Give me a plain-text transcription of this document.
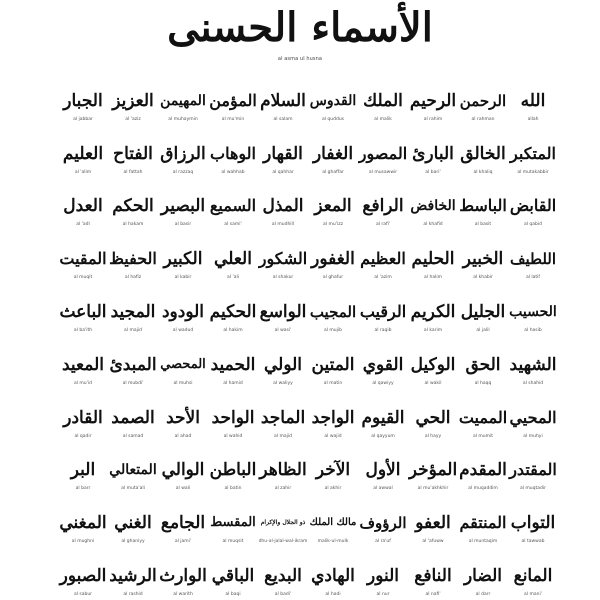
الأسماء الحسنى
al asma ul husna
الجبار
al jabbar
العزيز
al 'aziz
المهيمن
al muhaymin
المؤمن
al mu'min
السلام
al salam
القدوس
al quddus
الملك
al malik
الرحيم
al rahim
الرحمن
al rahman
الله
allah
العليم
al 'alim
الفتاح
al fattah
الرزاق
al razzaq
الوهاب
al wahhab
القهار
al qahhar
الغفار
al ghaffar
المصور
al musawwir
البارئ
al bari'
الخالق
al khaliq
المتكبر
al mutakabbir
العدل
al 'adl
الحكم
al hakam
البصير
al basir
السميع
al sami'
المذل
al mudhill
المعز
al mu'izz
الرافع
al rafi'
الخافض
al khafid
الباسط
al basit
القابض
al qabid
المقيت
al muqit
الحفيظ
al hafiz
الكبير
al kabir
العلي
al 'ali
الشكور
al shakur
الغفور
al ghafur
العظيم
al 'azim
الحليم
al halim
الخبير
al khabir
اللطيف
al latif
الباعث
al ba'ith
المجيد
al majid
الودود
al wadud
الحكيم
al hakim
الواسع
al wasi'
المجيب
al mujib
الرقيب
al raqib
الكريم
al karim
الجليل
al jalil
الحسيب
al hasib
المعيد
al mu'id
المبدئ
al mubdi'
المحصي
al muhsi
الحميد
al hamid
الولي
al waliyy
المتين
al matin
القوي
al qawiyy
الوكيل
al wakil
الحق
al haqq
الشهيد
al shahid
القادر
al qadir
الصمد
al samad
الأحد
al ahad
الواحد
al wahid
الماجد
al majid
الواجد
al wajid
القيوم
al qayyum
الحي
al hayy
المميت
al mumit
المحيي
al muhyi
البر
al barr
المتعالي
al muta'ali
الوالي
al wali
الباطن
al batin
الظاهر
al zahir
الآخر
al akhir
الأول
al awwal
المؤخر
al mu'akhkhir
المقدم
al muqaddim
المقتدر
al muqtadir
المغني
al mughni
الغني
al ghaniyy
الجامع
al jami'
المقسط
al muqsit
ذو الجلال والإكرام
dhu-al-jalal-wal-ikram
مالك الملك
malik-ul-mulk
الرؤوف
al ra'uf
العفو
al 'afuww
المنتقم
al muntaqim
التواب
al tawwab
الصبور
al sabur
الرشيد
al rashid
الوارث
al warith
الباقي
al baqi
البديع
al badi'
الهادي
al hadi
النور
al nur
النافع
al nafi'
الضار
al darr
المانع
al mani'
